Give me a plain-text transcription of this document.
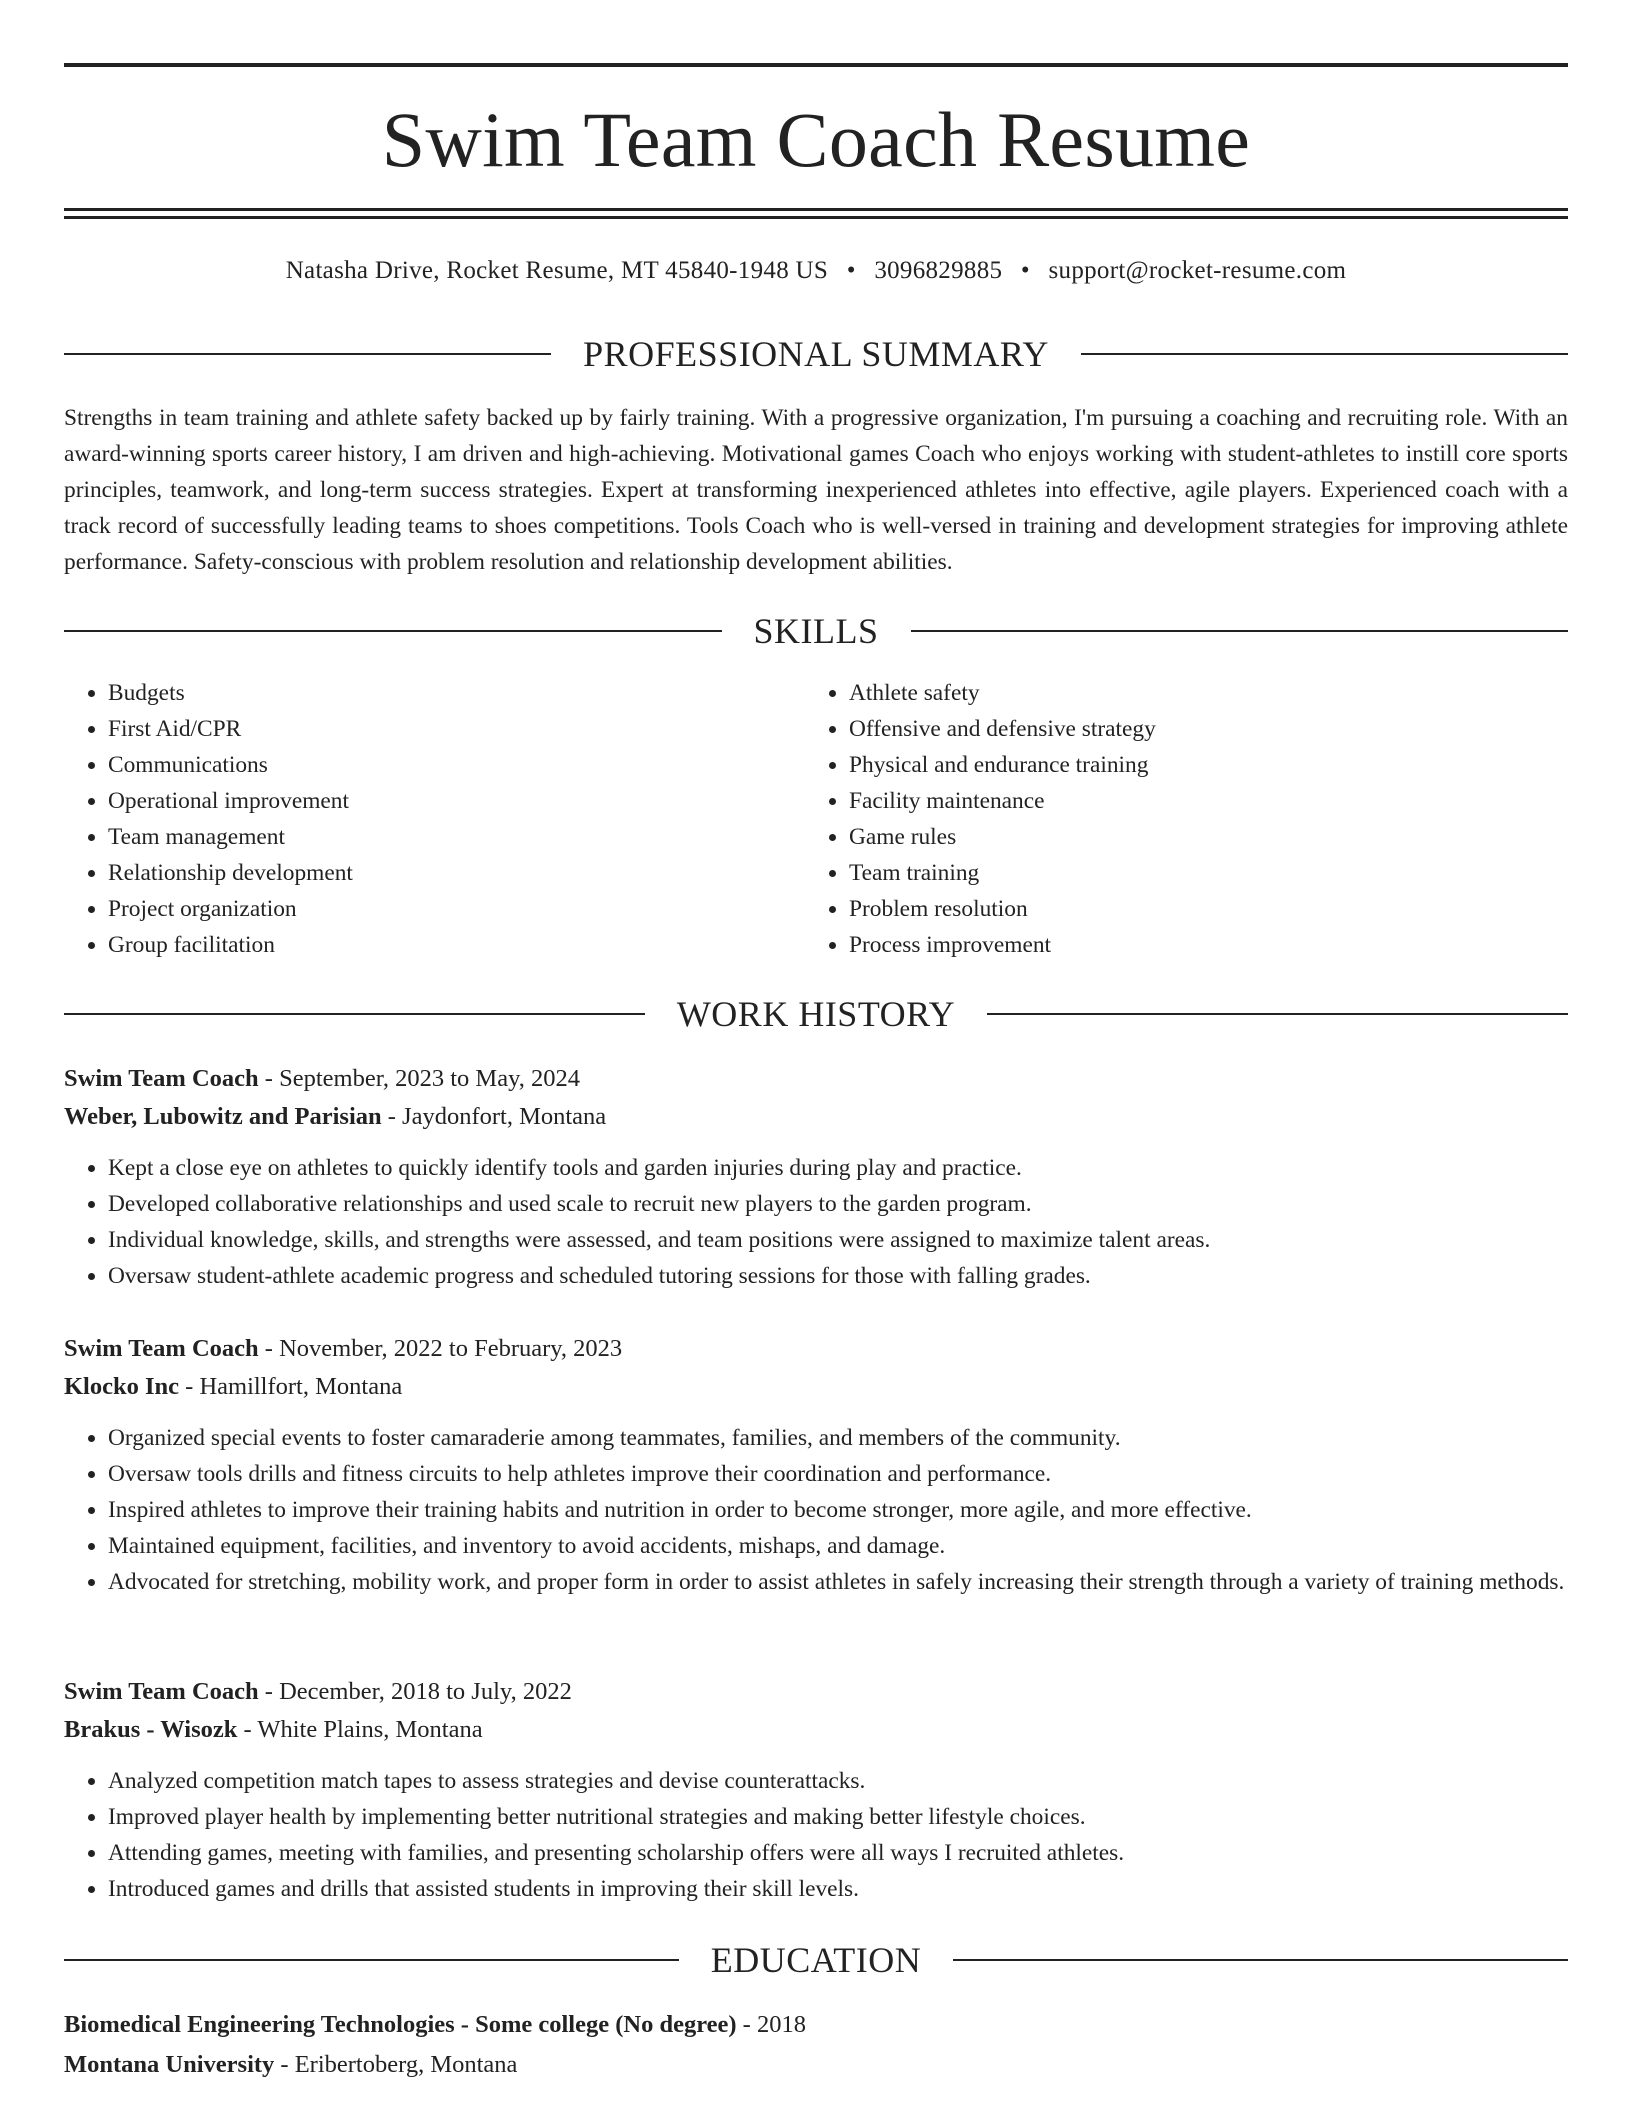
Swim Team Coach Resume
Natasha Drive, Rocket Resume, MT 45840-1948 US • 3096829885 • support@rocket-resume.com
PROFESSIONAL SUMMARY

Strengths in team training and athlete safety backed up by fairly training. With a progressive organization, I'm pursuing a coaching and recruiting role. With an award-winning sports career history, I am driven and high-achieving. Motivational games Coach who enjoys working with student-athletes to instill core sports principles, teamwork, and long-term success strategies. Expert at transforming inexperienced athletes into effective, agile players. Experienced coach with a track record of successfully leading teams to shoes competitions. Tools Coach who is well-versed in training and development strategies for improving athlete performance. Safety-conscious with problem resolution and relationship development abilities.

SKILLS
• Budgets
• First Aid/CPR
• Communications
• Operational improvement
• Team management
• Relationship development
• Project organization
• Group facilitation
• Athlete safety
• Offensive and defensive strategy
• Physical and endurance training
• Facility maintenance
• Game rules
• Team training
• Problem resolution
• Process improvement
WORK HISTORY
Swim Team Coach - September, 2023 to May, 2024
Weber, Lubowitz and Parisian - Jaydonfort, Montana
• Kept a close eye on athletes to quickly identify tools and garden injuries during play and practice.
• Developed collaborative relationships and used scale to recruit new players to the garden program.
• Individual knowledge, skills, and strengths were assessed, and team positions were assigned to maximize talent areas.
• Oversaw student-athlete academic progress and scheduled tutoring sessions for those with falling grades.
Swim Team Coach - November, 2022 to February, 2023
Klocko Inc - Hamillfort, Montana
• Organized special events to foster camaraderie among teammates, families, and members of the community.
• Oversaw tools drills and fitness circuits to help athletes improve their coordination and performance.
• Inspired athletes to improve their training habits and nutrition in order to become stronger, more agile, and more effective.
• Maintained equipment, facilities, and inventory to avoid accidents, mishaps, and damage.
• Advocated for stretching, mobility work, and proper form in order to assist athletes in safely increasing their strength through a variety of training methods.
Swim Team Coach - December, 2018 to July, 2022
Brakus - Wisozk - White Plains, Montana
• Analyzed competition match tapes to assess strategies and devise counterattacks.
• Improved player health by implementing better nutritional strategies and making better lifestyle choices.
• Attending games, meeting with families, and presenting scholarship offers were all ways I recruited athletes.
• Introduced games and drills that assisted students in improving their skill levels.
EDUCATION
Biomedical Engineering Technologies - Some college (No degree) - 2018
Montana University - Eribertoberg, Montana
